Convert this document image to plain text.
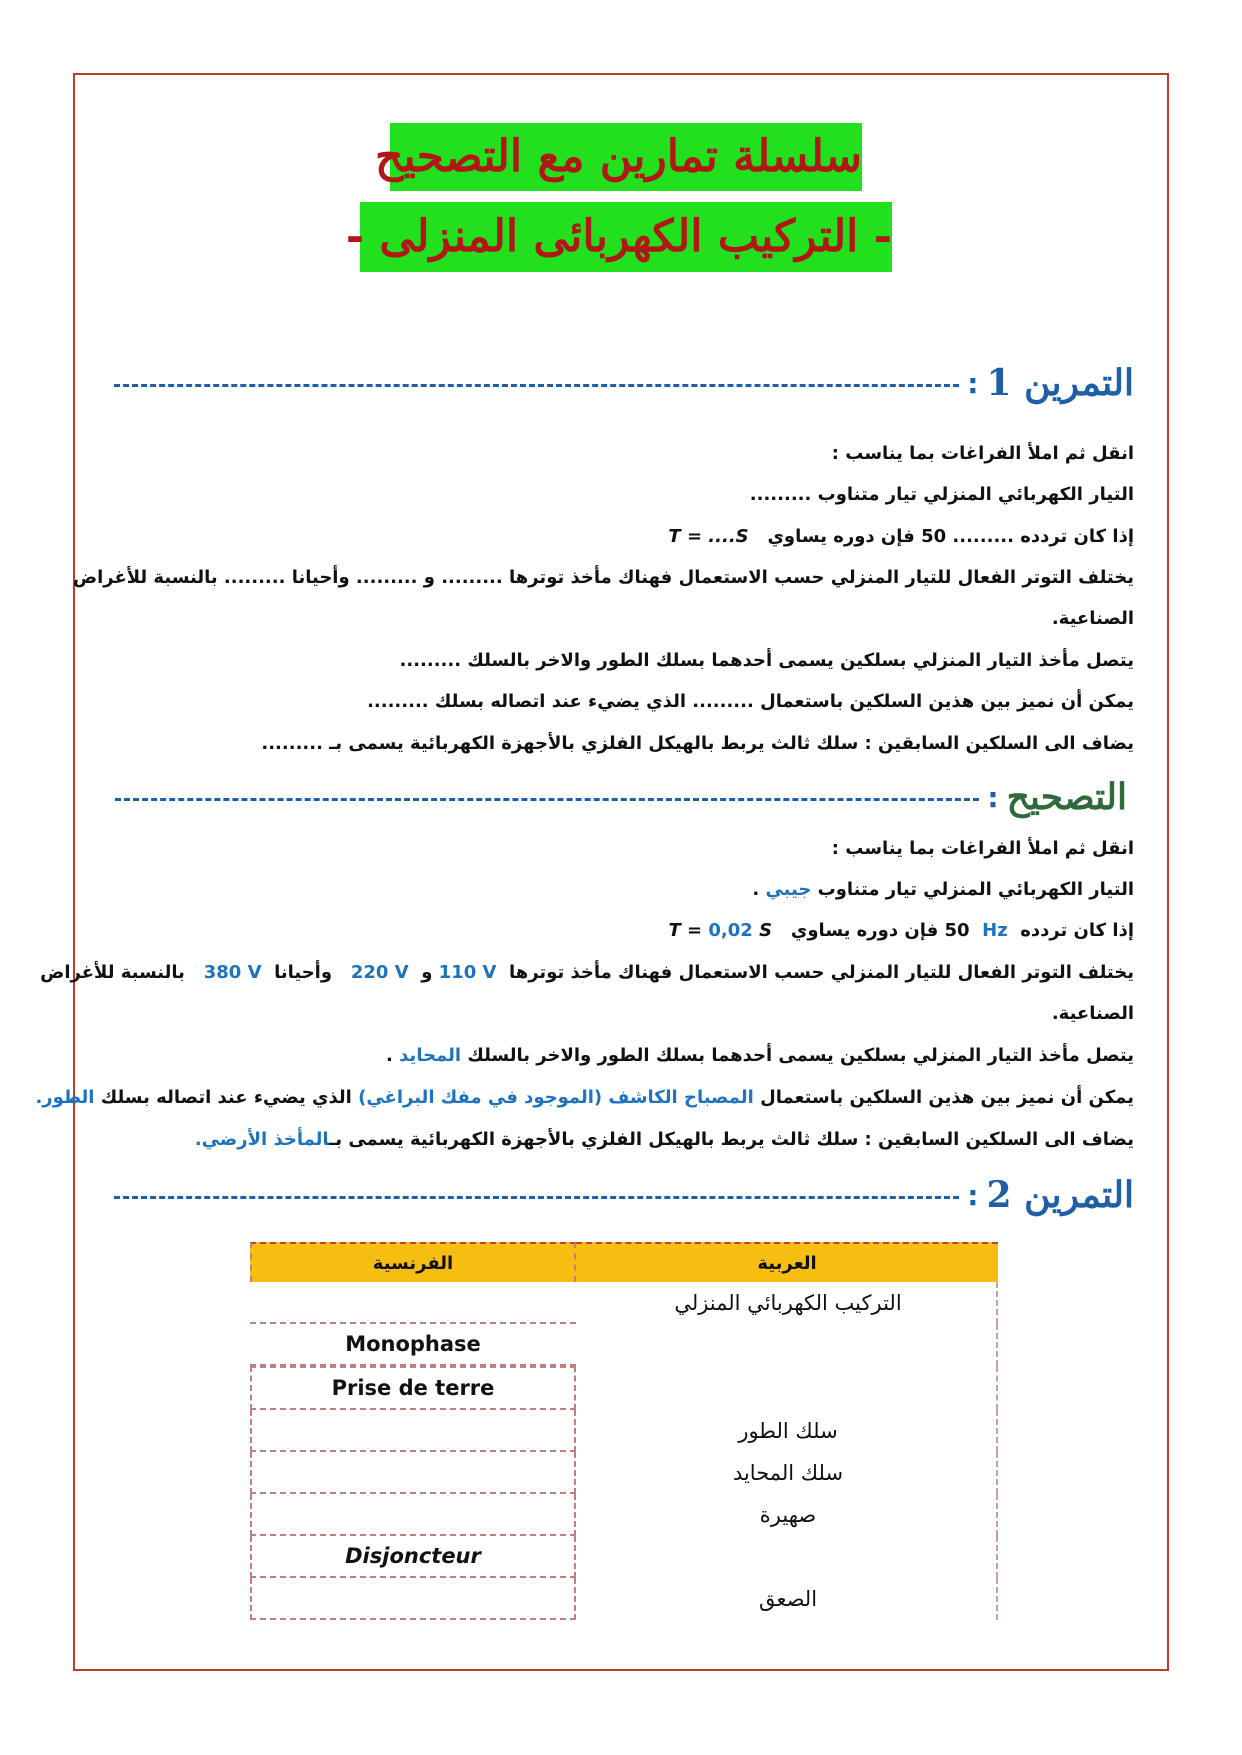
سلسلة تمارين مع التصحيح
- التركيب الكهربائى المنزلى -
التمرين 1
:
انقل ثم املأ الفراغات بما يناسب :
التيار الكهربائي المنزلي تيار متناوب .........
إذا كان تردده ......... 50 فإن دوره يساوي   T = ....S
يختلف التوتر الفعال للتيار المنزلي حسب الاستعمال فهناك مأخذ توترها ......... و ......... وأحيانا ......... بالنسبة للأغراض
الصناعية.
يتصل مأخذ التيار المنزلي بسلكين يسمى أحدهما بسلك الطور والاخر بالسلك .........
يمكن أن نميز بين هذين السلكين باستعمال ......... الذي يضيء عند اتصاله بسلك .........
يضاف الى السلكين السابقين : سلك ثالث يربط بالهيكل الفلزي بالأجهزة الكهربائية يسمى بـ .........
التصحيح
:
انقل ثم املأ الفراغات بما يناسب :
التيار الكهربائي المنزلي تيار متناوب جيبي .
إذا كان تردده  Hz  50 فإن دوره يساوي   S 0,02 T =
يختلف التوتر الفعال للتيار المنزلي حسب الاستعمال فهناك مأخذ توترها  110 V و  220 V   وأحيانا  380 V   بالنسبة للأغراض
الصناعية.
يتصل مأخذ التيار المنزلي بسلكين يسمى أحدهما بسلك الطور والاخر بالسلك المحايد .
يمكن أن نميز بين هذين السلكين باستعمال المصباح الكاشف (الموجود في مفك البراغي) الذي يضيء عند اتصاله بسلك الطور.
يضاف الى السلكين السابقين : سلك ثالث يربط بالهيكل الفلزي بالأجهزة الكهربائية يسمى بـالمأخذ الأرضي.
التمرين 2
:
الفرنسية	العربية
	التركيب الكهربائي المنزلي
Monophase	
Prise de terre	
	سلك الطور
	سلك المحايد
	صهيرة
Disjoncteur	
	الصعق
